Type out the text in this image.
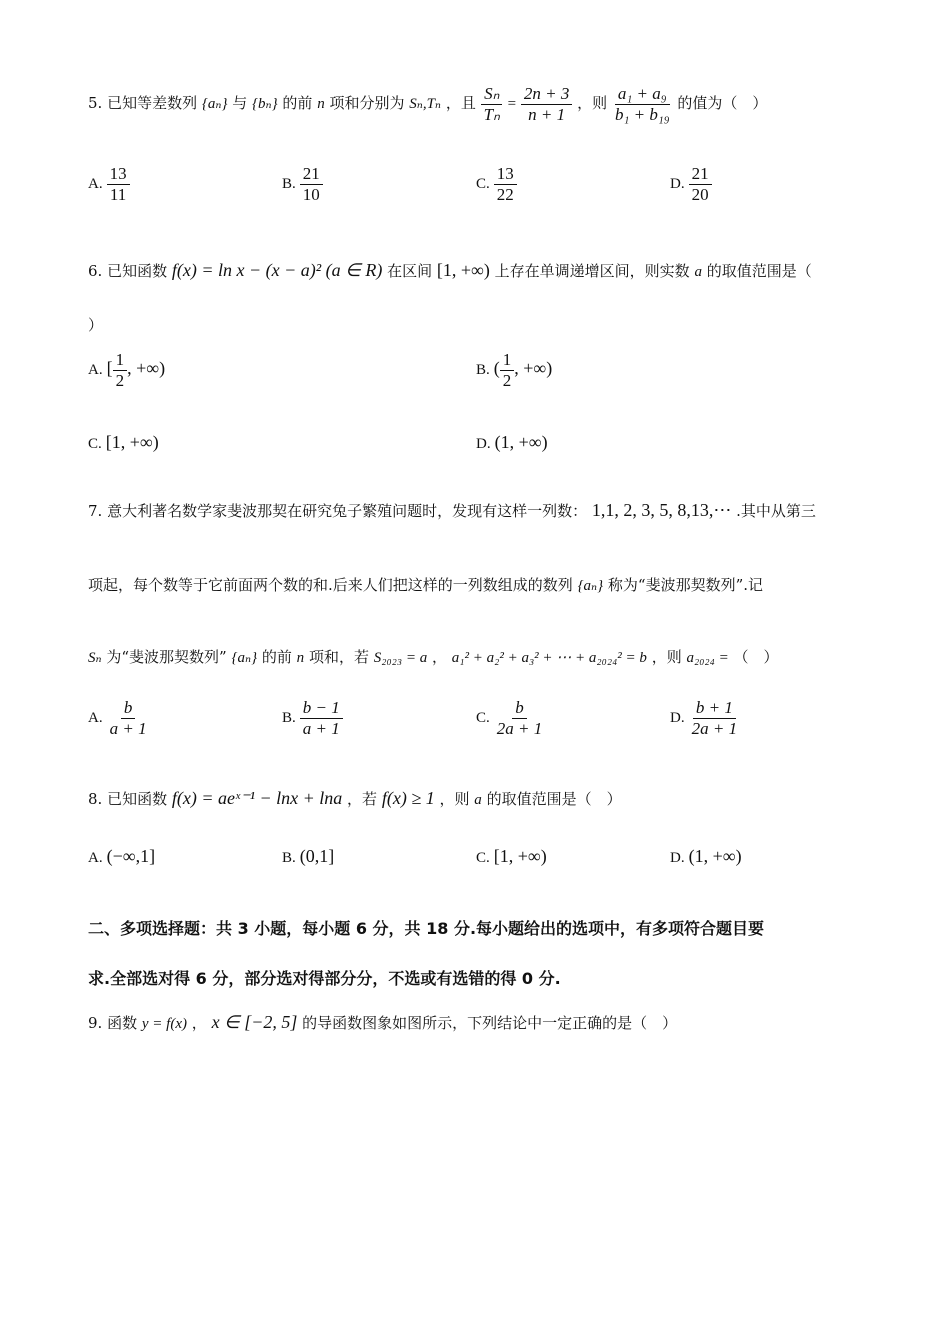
5. 已知等差数列 {aₙ} 与 {bₙ} 的前 n 项和分别为 Sₙ,Tₙ ，且 $\frac{\text{Sₙ}}{\text{Tₙ}} = \frac{2n + 3}{n + 1}$ ，则 $\frac{\text{a₁ + a₉}}{\text{b₁ + b₁₉}}$ 的值为（　）
A. $\frac{13}{11}$	B. $\frac{21}{10}$	C. $\frac{13}{22}$	D. $\frac{21}{20}$
6. 已知函数 f(x) = ln x − (x − a)² (a ∈ R) 在区间 [1, +∞) 上存在单调递增区间，则实数 a 的取值范围是（
）
A. [ $\frac{1}{2}$ , +∞)	B. ( $\frac{1}{2}$ , +∞)
C. [1, +∞)	D. (1, +∞)
7. 意大利著名数学家斐波那契在研究兔子繁殖问题时，发现有这样一列数： 1,1, 2, 3, 5, 8,13,⋯ .其中从第三
项起，每个数等于它前面两个数的和.后来人们把这样的一列数组成的数列 {aₙ} 称为“斐波那契数列”.记
Sₙ 为“斐波那契数列” {aₙ} 的前 n 项和，若 S₂₀₂₃ = a ， a₁² + a₂² + a₃² + ⋯ + a₂₀₂₄² = b ，则 a₂₀₂₄ = （　）
A. $\frac{b}{a + 1}$	B. $\frac{b - 1}{a + 1}$	C. $\frac{b}{2a + 1}$	D. $\frac{b + 1}{2a + 1}$
8. 已知函数 f(x) = aeˣ⁻¹ − lnx + lna ，若 f(x) ≥ 1 ，则 a 的取值范围是（　）
A. (−∞,1]	B. (0,1]	C. [1, +∞)	D. (1, +∞)
二、多项选择题：共 3 小题，每小题 6 分，共 18 分.每小题给出的选项中，有多项符合题目要
求.全部选对得 6 分，部分选对得部分分，不选或有选错的得 0 分.
9. 函数 y = f(x) ， x ∈ [−2, 5] 的导函数图象如图所示，下列结论中一定正确的是（　）
